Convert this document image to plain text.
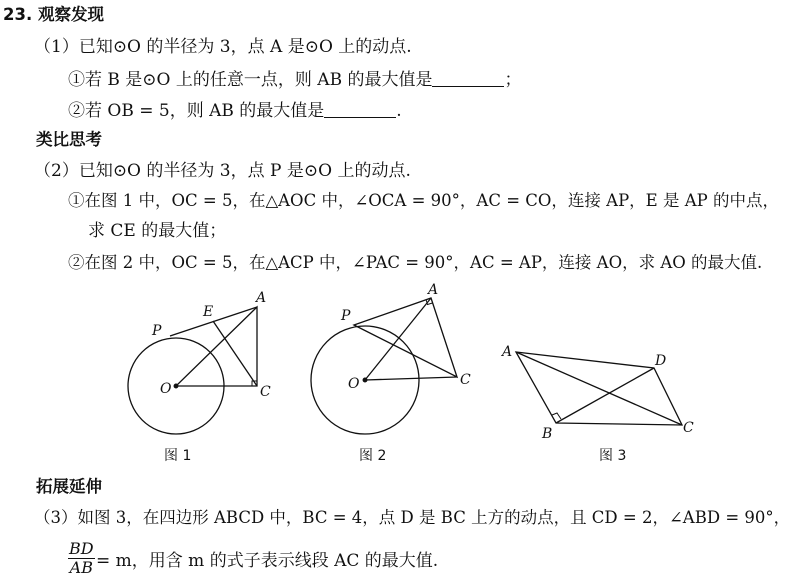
23. 观察发现
（1）已知⊙O 的半径为 3，点 A 是⊙O 上的动点.
①若 B 是⊙O 上的任意一点，则 AB 的最大值是	；
②若 OB = 5，则 AB 的最大值是	.
类比思考
（2）已知⊙O 的半径为 3，点 P 是⊙O 上的动点.
①在图 1 中，OC = 5，在△AOC 中，∠OCA = 90°，AC = CO，连接 AP，E 是 AP 的中点，
求 CE 的最大值；
②在图 2 中，OC = 5，在△ACP 中，∠PAC = 90°，AC = AP，连接 AO，求 AO 的最大值.
P
E
A
O	C
图 1
P
A
O	C
图 2
A
D
B	C
图 3
拓展延伸
（3）如图 3，在四边形 ABCD 中，BC = 4，点 D 是 BC 上方的动点，且 CD = 2，∠ABD = 90°，
$\frac{BD}{AB} = m$，用含 m 的式子表示线段 AC 的最大值.
